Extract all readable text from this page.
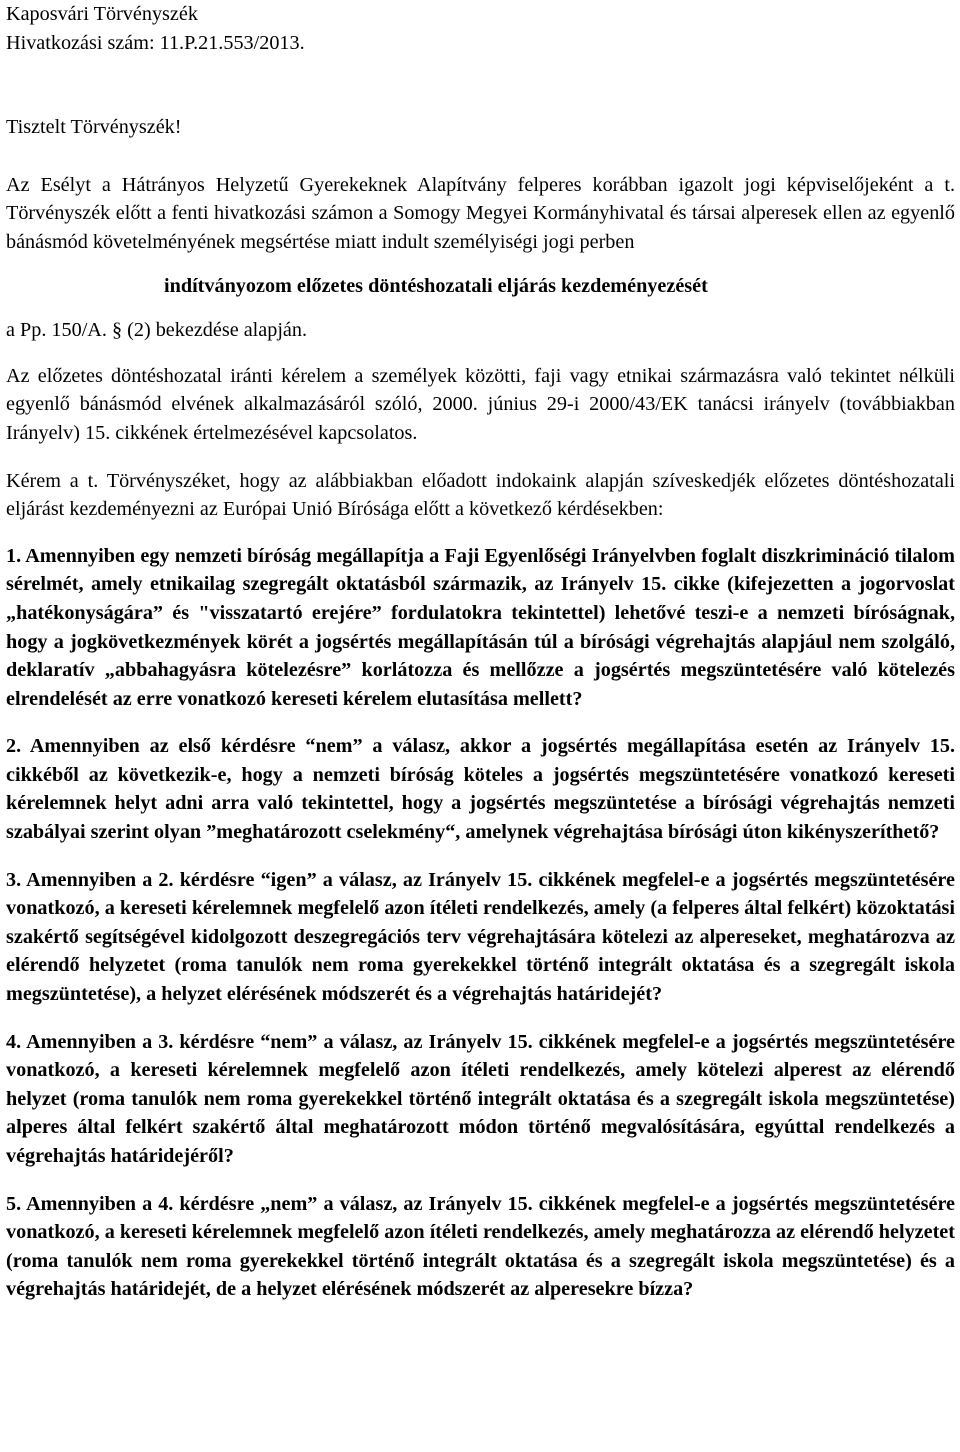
Kaposvári Törvényszék
Hivatkozási szám: 11.P.21.553/2013.
Tisztelt Törvényszék!

Az Esélyt a Hátrányos Helyzetű Gyerekeknek Alapítvány felperes korábban igazolt jogi képviselőjeként a t. Törvényszék előtt a fenti hivatkozási számon a Somogy Megyei Kormányhivatal és társai alperesek ellen az egyenlő bánásmód követelményének megsértése miatt indult személyiségi jogi perben

indítványozom előzetes döntéshozatali eljárás kezdeményezését
a Pp. 150/A. § (2) bekezdése alapján.

Az előzetes döntéshozatal iránti kérelem a személyek közötti, faji vagy etnikai származásra való tekintet nélküli egyenlő bánásmód elvének alkalmazásáról szóló, 2000. június 29-i 2000/43/EK tanácsi irányelv (továbbiakban Irányelv) 15. cikkének értelmezésével kapcsolatos.

Kérem a t. Törvényszéket, hogy az alábbiakban előadott indokaink alapján szíveskedjék előzetes döntéshozatali eljárást kezdeményezni az Európai Unió Bírósága előtt a következő kérdésekben:

1. Amennyiben egy nemzeti bíróság megállapítja a Faji Egyenlőségi Irányelvben foglalt diszkrimináció tilalom sérelmét, amely etnikailag szegregált oktatásból származik, az Irányelv 15. cikke (kifejezetten a jogorvoslat „hatékonyságára” és "visszatartó erejére” fordulatokra tekintettel) lehetővé teszi-e a nemzeti bíróságnak, hogy a jogkövetkezmények körét a jogsértés megállapításán túl a bírósági végrehajtás alapjául nem szolgáló, deklaratív „abbahagyásra kötelezésre” korlátozza és mellőzze a jogsértés megszüntetésére való kötelezés elrendelését az erre vonatkozó kereseti kérelem elutasítása mellett?

2. Amennyiben az első kérdésre “nem” a válasz, akkor a jogsértés megállapítása esetén az Irányelv 15. cikkéből az következik-e, hogy a nemzeti bíróság köteles a jogsértés megszüntetésére vonatkozó kereseti kérelemnek helyt adni arra való tekintettel, hogy a jogsértés megszüntetése a bírósági végrehajtás nemzeti szabályai szerint olyan ”meghatározott cselekmény“, amelynek végrehajtása bírósági úton kikényszeríthető?

3. Amennyiben a 2. kérdésre “igen” a válasz, az Irányelv 15. cikkének megfelel-e a jogsértés megszüntetésére vonatkozó, a kereseti kérelemnek megfelelő azon ítéleti rendelkezés, amely (a felperes által felkért) közoktatási szakértő segítségével kidolgozott deszegregációs terv végrehajtására kötelezi az alpereseket, meghatározva az elérendő helyzetet (roma tanulók nem roma gyerekekkel történő integrált oktatása és a szegregált iskola megszüntetése), a helyzet elérésének módszerét és a végrehajtás határidejét?

4. Amennyiben a 3. kérdésre “nem” a válasz, az Irányelv 15. cikkének megfelel-e a jogsértés megszüntetésére vonatkozó, a kereseti kérelemnek megfelelő azon ítéleti rendelkezés, amely kötelezi alperest az elérendő helyzet (roma tanulók nem roma gyerekekkel történő integrált oktatása és a szegregált iskola megszüntetése) alperes által felkért szakértő által meghatározott módon történő megvalósítására, egyúttal rendelkezés a végrehajtás határidejéről?

5. Amennyiben a 4. kérdésre „nem” a válasz, az Irányelv 15. cikkének megfelel-e a jogsértés megszüntetésére vonatkozó, a kereseti kérelemnek megfelelő azon ítéleti rendelkezés, amely meghatározza az elérendő helyzetet (roma tanulók nem roma gyerekekkel történő integrált oktatása és a szegregált iskola megszüntetése) és a végrehajtás határidejét, de a helyzet elérésének módszerét az alperesekre bízza?
